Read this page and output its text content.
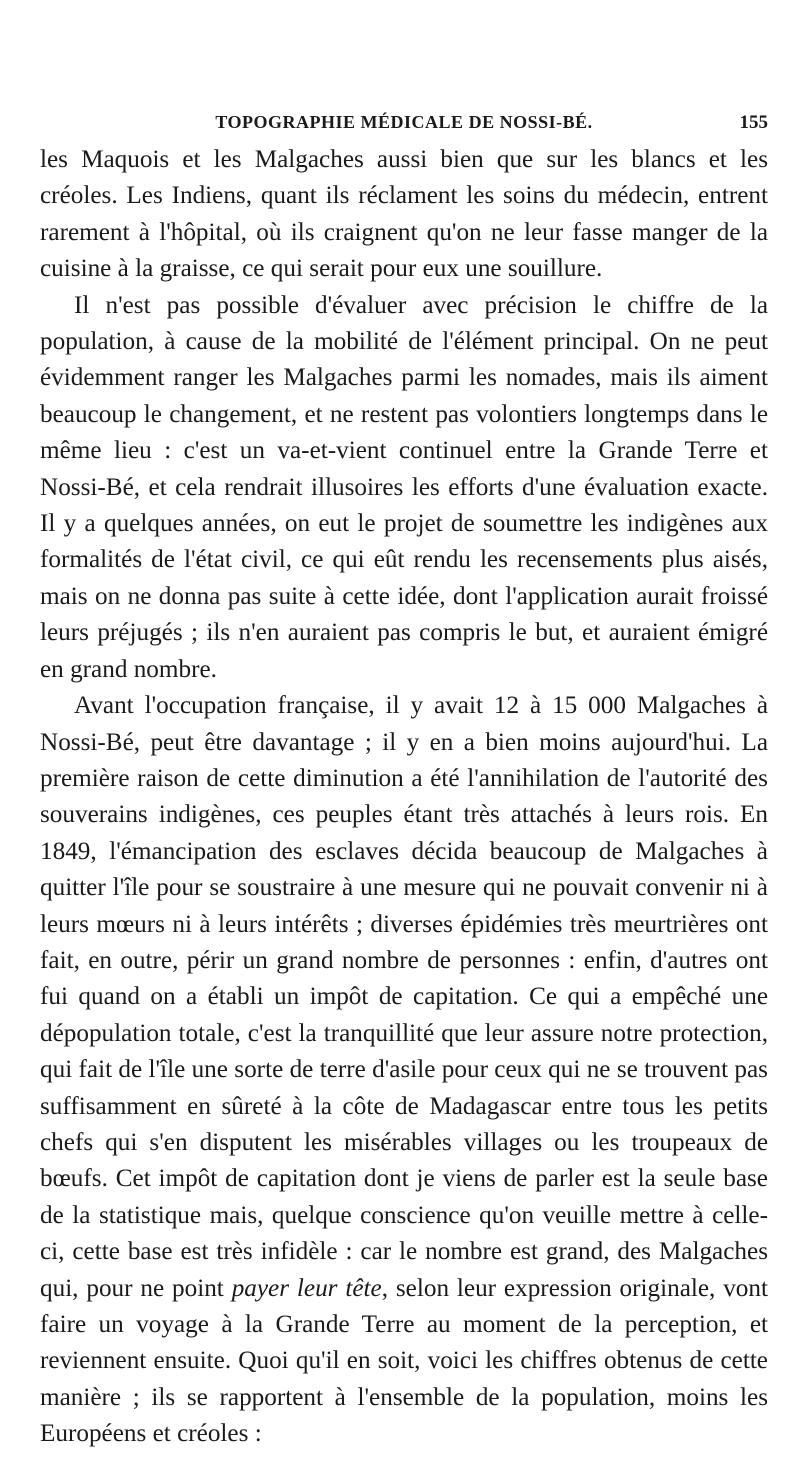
TOPOGRAPHIE MÉDICALE DE NOSSI-BÉ.	155

les Maquois et les Malgaches aussi bien que sur les blancs et les créoles. Les Indiens, quant ils réclament les soins du médecin, entrent rarement à l'hôpital, où ils craignent qu'on ne leur fasse manger de la cuisine à la graisse, ce qui serait pour eux une souillure.

Il n'est pas possible d'évaluer avec précision le chiffre de la population, à cause de la mobilité de l'élément principal. On ne peut évidemment ranger les Malgaches parmi les nomades, mais ils aiment beaucoup le changement, et ne restent pas volontiers longtemps dans le même lieu : c'est un va-et-vient continuel entre la Grande Terre et Nossi-Bé, et cela rendrait illusoires les efforts d'une évaluation exacte. Il y a quelques années, on eut le projet de soumettre les indigènes aux formalités de l'état civil, ce qui eût rendu les recensements plus aisés, mais on ne donna pas suite à cette idée, dont l'application aurait froissé leurs préjugés ; ils n'en auraient pas compris le but, et auraient émigré en grand nombre.

Avant l'occupation française, il y avait 12 à 15 000 Malgaches à Nossi-Bé, peut être davantage ; il y en a bien moins aujourd'hui. La première raison de cette diminution a été l'annihilation de l'autorité des souverains indigènes, ces peuples étant très attachés à leurs rois. En 1849, l'émancipation des esclaves décida beaucoup de Malgaches à quitter l'île pour se soustraire à une mesure qui ne pouvait convenir ni à leurs mœurs ni à leurs intérêts ; diverses épidémies très meurtrières ont fait, en outre, périr un grand nombre de personnes : enfin, d'autres ont fui quand on a établi un impôt de capitation. Ce qui a empêché une dépopulation totale, c'est la tranquillité que leur assure notre protection, qui fait de l'île une sorte de terre d'asile pour ceux qui ne se trouvent pas suffisamment en sûreté à la côte de Madagascar entre tous les petits chefs qui s'en disputent les misérables villages ou les troupeaux de bœufs. Cet impôt de capitation dont je viens de parler est la seule base de la statistique mais, quelque conscience qu'on veuille mettre à celle-ci, cette base est très infidèle : car le nombre est grand, des Malgaches qui, pour ne point payer leur tête, selon leur expression originale, vont faire un voyage à la Grande Terre au moment de la perception, et reviennent ensuite. Quoi qu'il en soit, voici les chiffres obtenus de cette manière ; ils se rapportent à l'ensemble de la population, moins les Européens et créoles :
